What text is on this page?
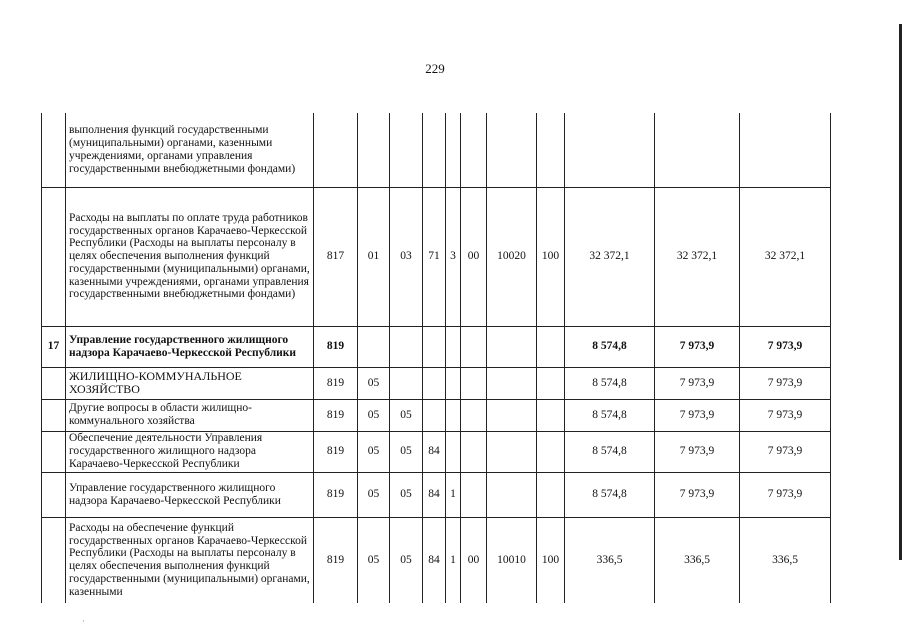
229
·
	выполнения функций государственными (муниципальными) органами, казенными учреждениями, органами управления государственными внебюджетными фондами)											
	Расходы на выплаты по оплате труда работников государственных органов Карачаево-Черкесской Республики (Расходы на выплаты персоналу в целях обеспечения выполнения функций государственными (муниципальными) органами, казенными учреждениями, органами управления государственными внебюджетными фондами)	817	01	03	71	3	00	10020	100	32 372,1	32 372,1	32 372,1
17	Управление государственного жилищного надзора Карачаево-Черкесской Республики	819								8 574,8	7 973,9	7 973,9
	ЖИЛИЩНО-КОММУНАЛЬНОЕ ХОЗЯЙСТВО	819	05							8 574,8	7 973,9	7 973,9
	Другие вопросы в области жилищно-коммунального хозяйства	819	05	05						8 574,8	7 973,9	7 973,9
	Обеспечение деятельности Управления государственного жилищного надзора Карачаево-Черкесской Республики	819	05	05	84					8 574,8	7 973,9	7 973,9
	Управление государственного жилищного надзора Карачаево-Черкесской Республики	819	05	05	84	1				8 574,8	7 973,9	7 973,9
	Расходы на обеспечение функций государственных органов Карачаево-Черкесской Республики (Расходы на выплаты персоналу в целях обеспечения выполнения функций государственными (муниципальными) органами, казенными	819	05	05	84	1	00	10010	100	336,5	336,5	336,5
